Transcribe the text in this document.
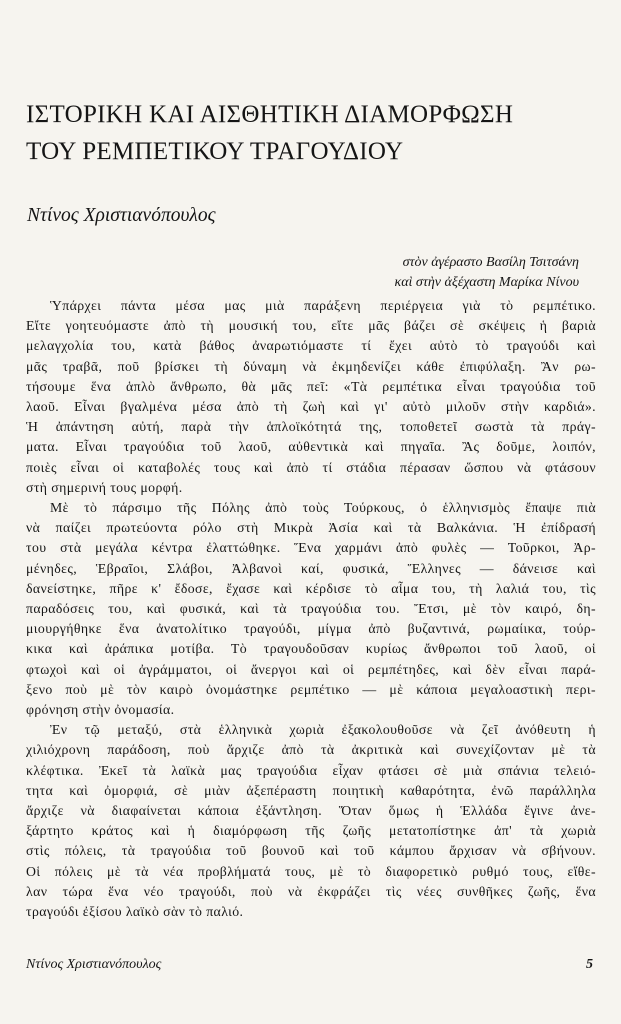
ΙΣΤΟΡΙΚΗ ΚΑΙ ΑΙΣΘΗΤΙΚΗ ΔΙΑΜΟΡΦΩΣΗ
ΤΟΥ ΡΕΜΠΕΤΙΚΟΥ ΤΡΑΓΟΥΔΙΟΥ
Ντίνος Χριστιανόπουλος
στὸν ἀγέραστο Βασίλη Τσιτσάνη
καὶ στὴν ἀξέχαστη Μαρίκα Νίνου

Ὑπάρχει πάντα μέσα μας μιὰ παράξενη περιέργεια γιὰ τὸ ρεμπέτικο.
Εἴτε γοητευόμαστε ἀπὸ τὴ μουσική του, εἴτε μᾶς βάζει σὲ σκέψεις ἡ βαριὰ
μελαγχολία του, κατὰ βάθος ἀναρωτιόμαστε τί ἔχει αὐτὸ τὸ τραγούδι καὶ
μᾶς τραβᾶ, ποῦ βρίσκει τὴ δύναμη νὰ ἐκμηδενίζει κάθε ἐπιφύλαξη. Ἂν ρω-
τήσουμε ἕνα ἁπλὸ ἄνθρωπο, θὰ μᾶς πεῖ: «Τὰ ρεμπέτικα εἶναι τραγούδια τοῦ
λαοῦ. Εἶναι βγαλμένα μέσα ἀπὸ τὴ ζωὴ καὶ γι' αὐτὸ μιλοῦν στὴν καρδιά».
Ἡ ἀπάντηση αὐτή, παρὰ τὴν ἁπλοϊκότητά της, τοποθετεῖ σωστὰ τὰ πράγ-
ματα. Εἶναι τραγούδια τοῦ λαοῦ, αὐθεντικὰ καὶ πηγαῖα. Ἂς δοῦμε, λοιπόν,
ποιὲς εἶναι οἱ καταβολές τους καὶ ἀπὸ τί στάδια πέρασαν ὥσπου νὰ φτάσουν
στὴ σημερινή τους μορφή.

Μὲ τὸ πάρσιμο τῆς Πόλης ἀπὸ τοὺς Τούρκους, ὁ ἑλληνισμὸς ἔπαψε πιὰ
νὰ παίζει πρωτεύοντα ρόλο στὴ Μικρὰ Ἀσία καὶ τὰ Βαλκάνια. Ἡ ἐπίδρασή
του στὰ μεγάλα κέντρα ἐλαττώθηκε. Ἕνα χαρμάνι ἀπὸ φυλὲς — Τοῦρκοι, Ἀρ-
μένηδες, Ἑβραῖοι, Σλάβοι, Ἀλβανοὶ καί, φυσικά, Ἕλληνες — δάνεισε καὶ
δανείστηκε, πῆρε κ' ἔδοσε, ἔχασε καὶ κέρδισε τὸ αἷμα του, τὴ λαλιά του, τὶς
παραδόσεις του, καὶ φυσικά, καὶ τὰ τραγούδια του. Ἔτσι, μὲ τὸν καιρό, δη-
μιουργήθηκε ἕνα ἀνατολίτικο τραγούδι, μίγμα ἀπὸ βυζαντινά, ρωμαίικα, τούρ-
κικα καὶ ἀράπικα μοτίβα. Τὸ τραγουδοῦσαν κυρίως ἄνθρωποι τοῦ λαοῦ, οἱ
φτωχοὶ καὶ οἱ ἀγράμματοι, οἱ ἄνεργοι καὶ οἱ ρεμπέτηδες, καὶ δὲν εἶναι παρά-
ξενο ποὺ μὲ τὸν καιρὸ ὀνομάστηκε ρεμπέτικο — μὲ κάποια μεγαλοαστικὴ περι-
φρόνηση στὴν ὀνομασία.

Ἐν τῷ μεταξύ, στὰ ἑλληνικὰ χωριὰ ἐξακολουθοῦσε νὰ ζεῖ ἀνόθευτη ἡ
χιλιόχρονη παράδοση, ποὺ ἄρχιζε ἀπὸ τὰ ἀκριτικὰ καὶ συνεχίζονταν μὲ τὰ
κλέφτικα. Ἐκεῖ τὰ λαϊκὰ μας τραγούδια εἶχαν φτάσει σὲ μιὰ σπάνια τελειό-
τητα καὶ ὀμορφιά, σὲ μιὰν ἀξεπέραστη ποιητικὴ καθαρότητα, ἐνῶ παράλληλα
ἄρχιζε νὰ διαφαίνεται κάποια ἐξάντληση. Ὅταν ὅμως ἡ Ἑλλάδα ἔγινε ἀνε-
ξάρτητο κράτος καὶ ἡ διαμόρφωση τῆς ζωῆς μετατοπίστηκε ἀπ' τὰ χωριὰ
στὶς πόλεις, τὰ τραγούδια τοῦ βουνοῦ καὶ τοῦ κάμπου ἄρχισαν νὰ σβήνουν.
Οἱ πόλεις μὲ τὰ νέα προβλήματά τους, μὲ τὸ διαφορετικὸ ρυθμό τους, εἴθε-
λαν τώρα ἕνα νέο τραγούδι, ποὺ νὰ ἐκφράζει τὶς νέες συνθῆκες ζωῆς, ἕνα
τραγούδι ἐξίσου λαϊκὸ σὰν τὸ παλιό.

Ντίνος Χριστιανόπουλος	5
